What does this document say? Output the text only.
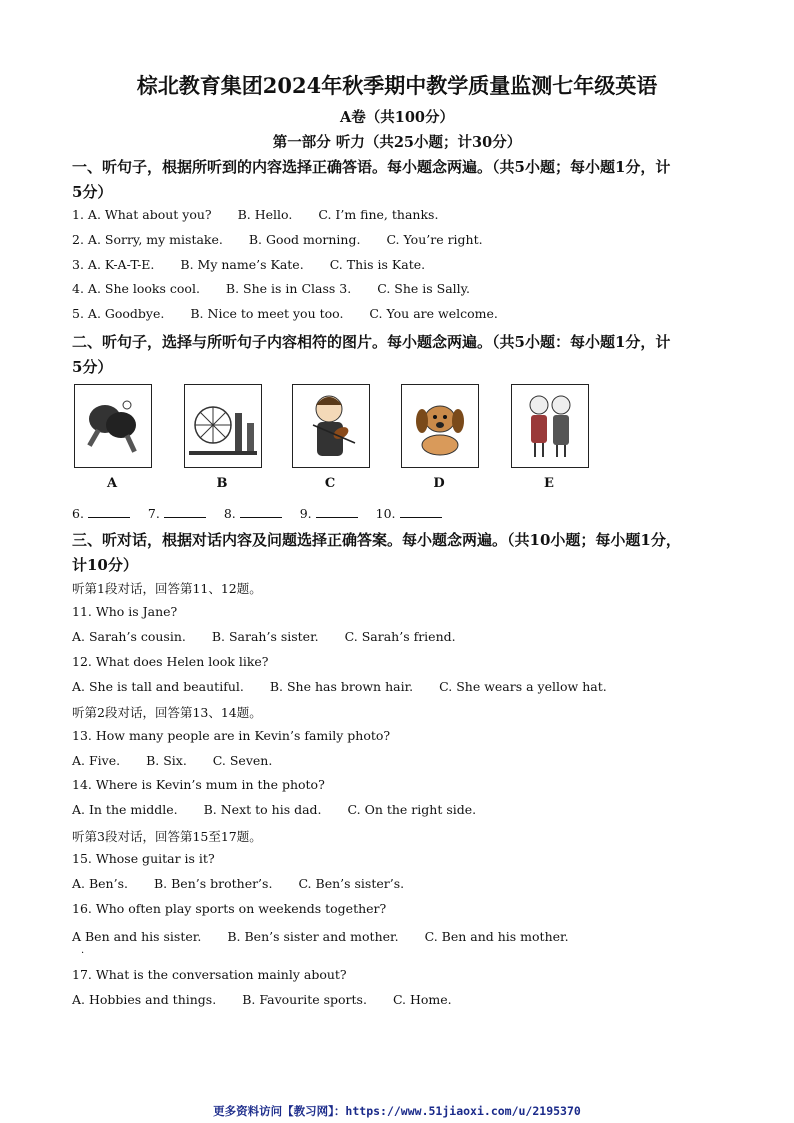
棕北教育集团2024年秋季期中教学质量监测七年级英语
A卷（共100分）
第一部分 听力（共25小题；计30分）
一、听句子，根据所听到的内容选择正确答语。每小题念两遍。（共5小题；每小题1分，计
5分）
1. A. What about you? B. Hello. C. I’m fine, thanks.
2. A. Sorry, my mistake. B. Good morning. C. You’re right.
3. A. K-A-T-E. B. My name’s Kate. C. This is Kate.
4. A. She looks cool. B. She is in Class 3. C. She is Sally.
5. A. Goodbye. B. Nice to meet you too. C. You are welcome.
二、听句子，选择与所听句子内容相符的图片。每小题念两遍。（共5小题：每小题1分，计
5分）
A	B	C	D	E
6.	7.	8.	9.	10.
三、听对话，根据对话内容及问题选择正确答案。每小题念两遍。（共10小题；每小题1分，
计10分）
听第1段对话，回答第11、12题。
11. Who is Jane?
A. Sarah’s cousin. B. Sarah’s sister. C. Sarah’s friend.
12. What does Helen look like?
A. She is tall and beautiful. B. She has brown hair. C. She wears a yellow hat.
听第2段对话，回答第13、14题。
13. How many people are in Kevin’s family photo?
A. Five. B. Six. C. Seven.
14. Where is Kevin’s mum in the photo?
A. In the middle. B. Next to his dad. C. On the right side.
听第3段对话，回答第15至17题。
15. Whose guitar is it?
A. Ben’s. B. Ben’s brother’s. C. Ben’s sister’s.
16. Who often play sports on weekends together?
A Ben and his sister. B. Ben’s sister and mother. C. Ben and his mother.
·
17. What is the conversation mainly about?
A. Hobbies and things. B. Favourite sports. C. Home.
更多资料访问【教习网】：https://www.51jiaoxi.com/u/2195370
